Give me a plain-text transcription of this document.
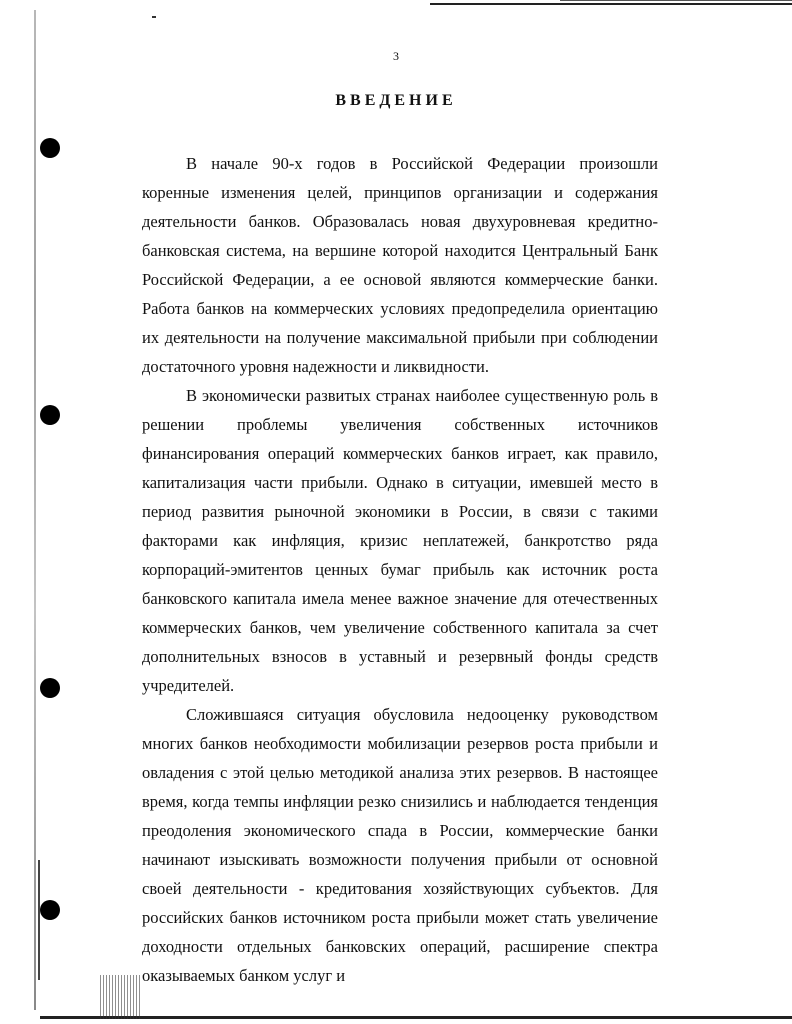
3
ВВЕДЕНИЕ

В начале 90-х годов в Российской Федерации произошли коренные изменения целей, принципов организации и содержания деятельности банков. Образовалась новая двухуровневая кредитно-банковская система, на вершине которой находится Центральный Банк Российской Федерации, а ее основой являются коммерческие банки. Работа банков на коммерческих условиях предопределила ориентацию их деятельности на получение максимальной прибыли при соблюдении достаточного уровня надежности и ликвидности.

В экономически развитых странах наиболее существенную роль в решении проблемы увеличения собственных источников финансирования операций коммерческих банков играет, как правило, капитализация части прибыли. Однако в ситуации, имевшей место в период развития рыночной экономики в России, в связи с такими факторами как инфляция, кризис неплатежей, банкротство ряда корпораций-эмитентов ценных бумаг прибыль как источник роста банковского капитала имела менее важное значение для отечественных коммерческих банков, чем увеличение собственного капитала за счет дополнительных взносов в уставный и резервный фонды средств учредителей.

Сложившаяся ситуация обусловила недооценку руководством многих банков необходимости мобилизации резервов роста прибыли и овладения с этой целью методикой анализа этих резервов. В настоящее время, когда темпы инфляции резко снизились и наблюдается тенденция преодоления экономического спада в России, коммерческие банки начинают изыскивать возможности получения прибыли от основной своей деятельности - кредитования хозяйствующих субъектов. Для российских банков источником роста прибыли может стать увеличение доходности отдельных банковских операций, расширение спектра оказываемых банком услуг и
